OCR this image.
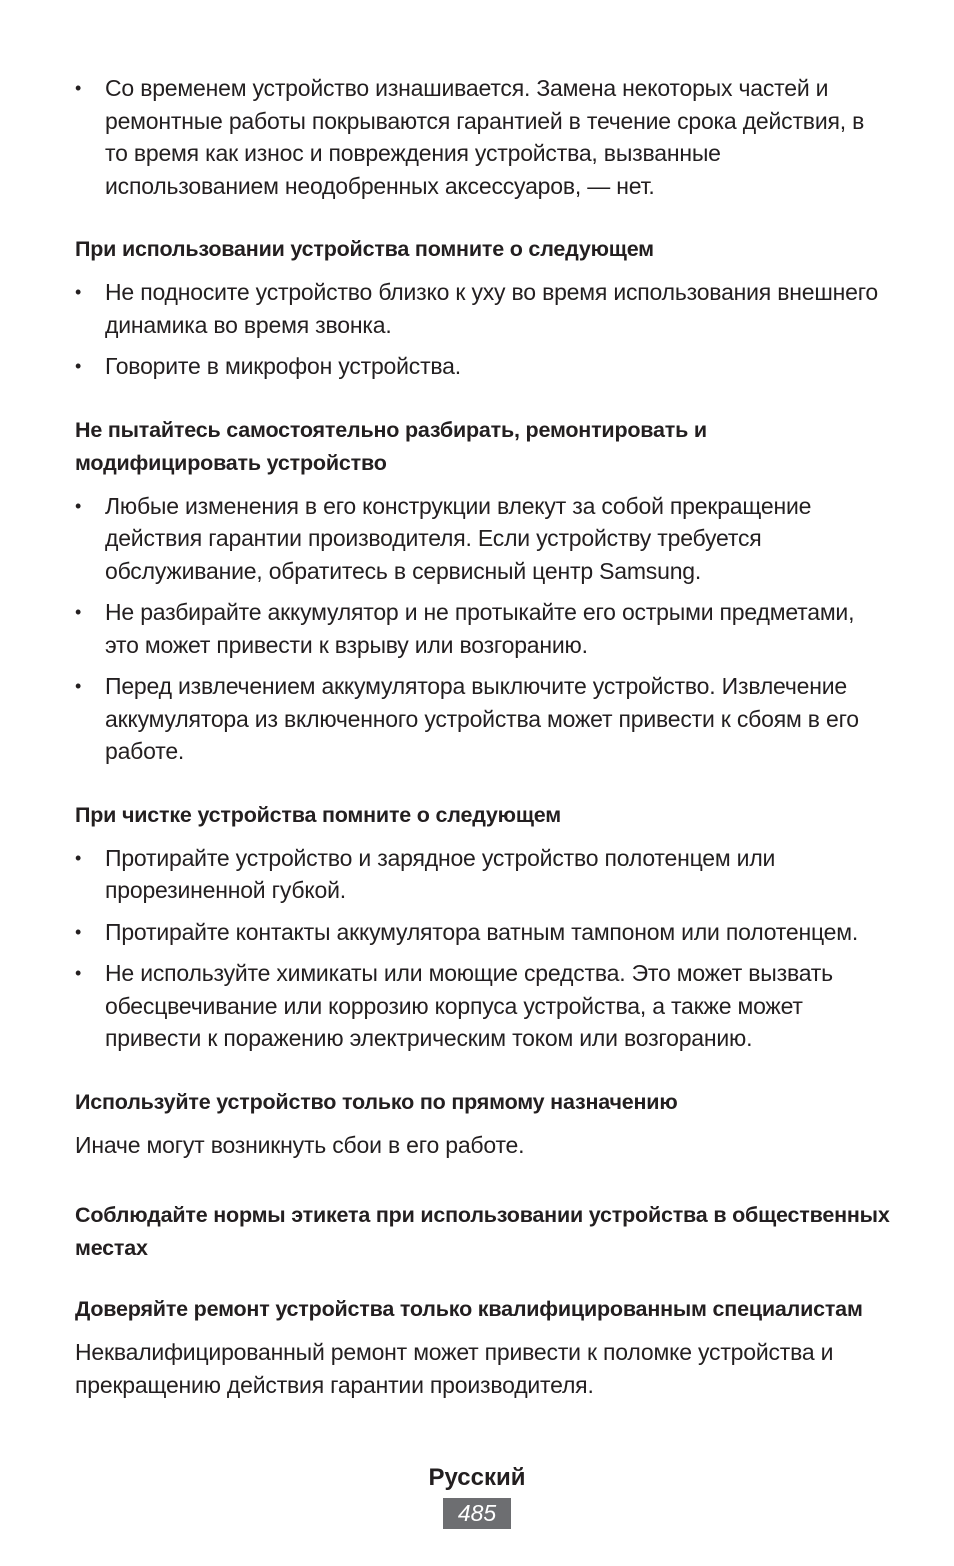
• Со временем устройство изнашивается. Замена некоторых частей и ремонтные работы покрываются гарантией в течение срока действия, в то время как износ и повреждения устройства, вызванные использованием неодобренных аксессуаров, — нет.
При использовании устройства помните о следующем
• Не подносите устройство близко к уху во время использования внешнего динамика во время звонка.
• Говорите в микрофон устройства.
Не пытайтесь самостоятельно разбирать, ремонтировать и модифицировать устройство
• Любые изменения в его конструкции влекут за собой прекращение действия гарантии производителя. Если устройству требуется обслуживание, обратитесь в сервисный центр Samsung.
• Не разбирайте аккумулятор и не протыкайте его острыми предметами, это может привести к взрыву или возгоранию.
• Перед извлечением аккумулятора выключите устройство. Извлечение аккумулятора из включенного устройства может привести к сбоям в его работе.
При чистке устройства помните о следующем
• Протирайте устройство и зарядное устройство полотенцем или прорезиненной губкой.
• Протирайте контакты аккумулятора ватным тампоном или полотенцем.
• Не используйте химикаты или моющие средства. Это может вызвать обесцвечивание или коррозию корпуса устройства, а также может привести к поражению электрическим током или возгоранию.
Используйте устройство только по прямому назначению

Иначе могут возникнуть сбои в его работе.

Соблюдайте нормы этикета при использовании устройства в общественных местах
Доверяйте ремонт устройства только квалифицированным специалистам

Неквалифицированный ремонт может привести к поломке устройства и прекращению действия гарантии производителя.

Русский
485
